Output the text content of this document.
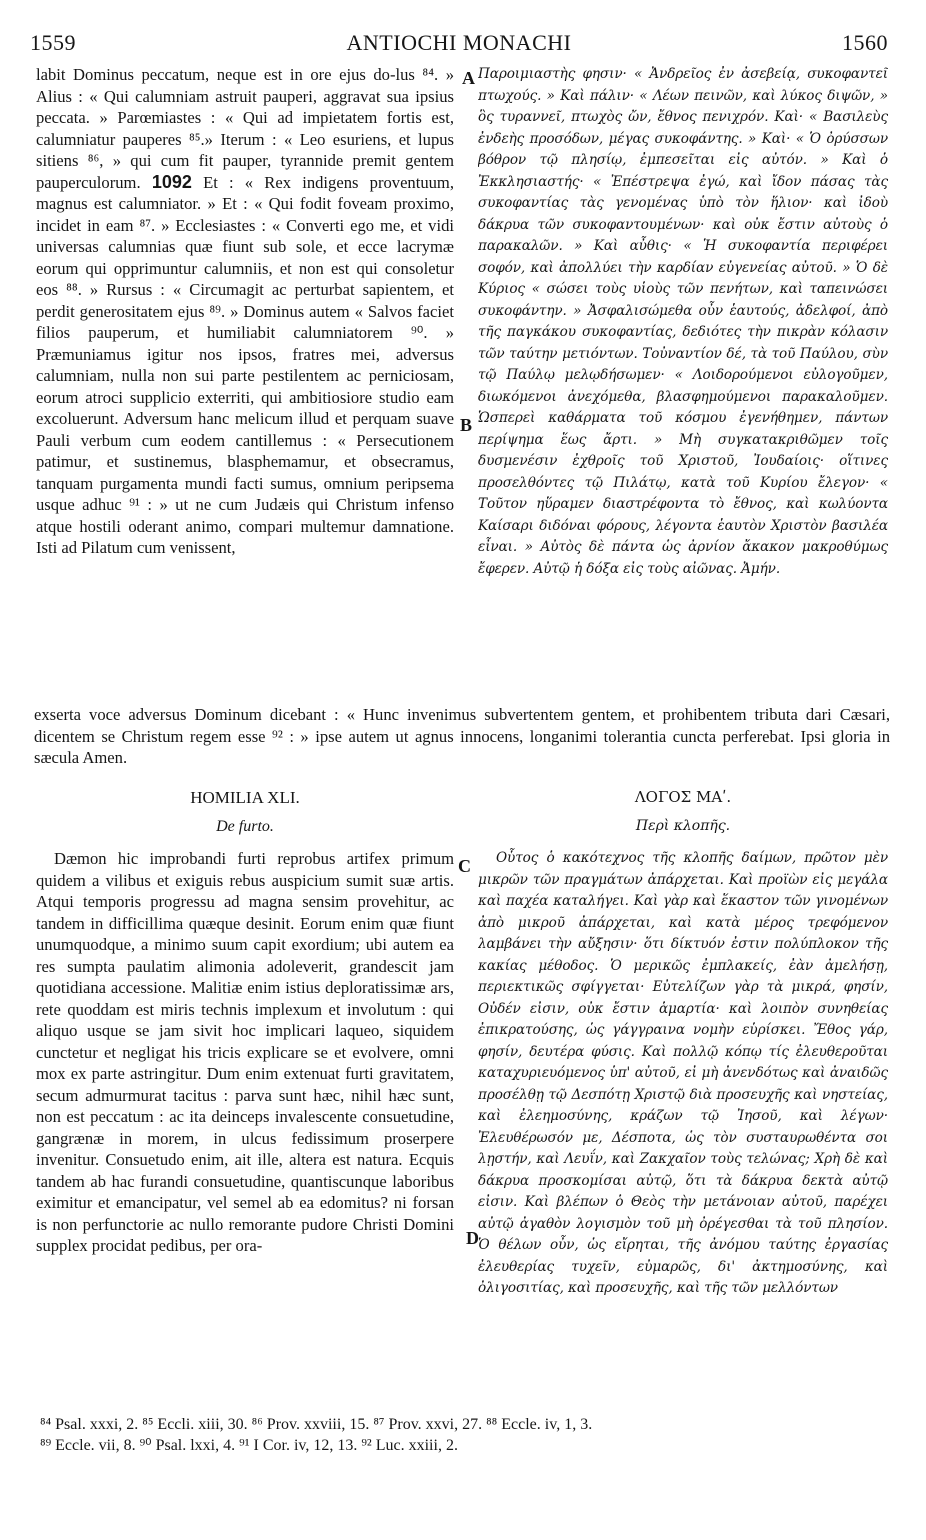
1559	ANTIOCHI MONACHI	1560
A
B
C
D

labit Dominus peccatum, neque est in ore ejus do-lus ⁸⁴. » Alius : « Qui calumniam astruit pauperi, aggravat sua ipsius peccata. » Parœmiastes : « Qui ad impietatem fortis est, calumniatur pauperes ⁸⁵.» Iterum : « Leo esuriens, et lupus sitiens ⁸⁶, » qui cum fit pauper, tyrannide premit gentem pauperculorum. 1092 Et : « Rex indigens proventuum, magnus est calumniator. » Et : « Qui fodit foveam proximo, incidet in eam ⁸⁷. » Ecclesiastes : « Converti ego me, et vidi universas calumnias quæ fiunt sub sole, et ecce lacrymæ eorum qui opprimuntur calumniis, et non est qui consoletur eos ⁸⁸. » Rursus : « Circumagit ac perturbat sapientem, et perdit generositatem ejus ⁸⁹. » Dominus autem « Salvos faciet filios pauperum, et humiliabit calumniatorem ⁹⁰. » Præmuniamus igitur nos ipsos, fratres mei, adversus calumniam, nulla non sui parte pestilentem ac perniciosam, eorum atroci supplicio exterriti, qui ambitiosiore studio eam excoluerunt. Adversum hanc melicum illud et perquam suave Pauli verbum cum eodem cantillemus : « Persecutionem patimur, et sustinemus, blasphemamur, et obsecramus, tanquam purgamenta mundi facti sumus, omnium peripsema usque adhuc ⁹¹ : » ut ne cum Judæis qui Christum infenso atque hostili oderant animo, compari multemur damnatione. Isti ad Pilatum cum venissent,

Παροιμιαστὴς φησιν· « Ἀνδρεῖος ἐν ἀσεβείᾳ, συκοφαντεῖ πτωχούς. » Καὶ πάλιν· « Λέων πεινῶν, καὶ λύκος διψῶν, » ὃς τυραννεῖ, πτωχὸς ὤν, ἔθνος πενιχρόν. Καὶ· « Βασιλεὺς ἐνδεὴς προσόδων, μέγας συκοφάντης. » Καὶ· « Ὁ ὀρύσσων βόθρον τῷ πλησίῳ, ἐμπεσεῖται εἰς αὐτόν. » Καὶ ὁ Ἐκκλησιαστής· « Ἐπέστρεψα ἐγώ, καὶ ἴδον πάσας τὰς συκοφαντίας τὰς γενομένας ὑπὸ τὸν ἥλιον· καὶ ἰδοὺ δάκρυα τῶν συκοφαντουμένων· καὶ οὐκ ἔστιν αὐτοὺς ὁ παρακαλῶν. » Καὶ αὖθις· « Ἡ συκοφαντία περιφέρει σοφόν, καὶ ἀπολλύει τὴν καρδίαν εὐγενείας αὐτοῦ. » Ὁ δὲ Κύριος « σώσει τοὺς υἱοὺς τῶν πενήτων, καὶ ταπεινώσει συκοφάντην. » Ἀσφαλισώμεθα οὖν ἑαυτούς, ἀδελφοί, ἀπὸ τῆς παγκάκου συκοφαντίας, δεδιότες τὴν πικρὰν κόλασιν τῶν ταύτην μετιόντων. Τοὐναντίον δέ, τὰ τοῦ Παύλου, σὺν τῷ Παύλῳ μελῳδήσωμεν· « Λοιδορούμενοι εὐλογοῦμεν, διωκόμενοι ἀνεχόμεθα, βλασφημούμενοι παρακαλοῦμεν. Ὡσπερεὶ καθάρματα τοῦ κόσμου ἐγενήθημεν, πάντων περίψημα ἕως ἄρτι. » Μὴ συγκατακριθῶμεν τοῖς δυσμενέσιν ἐχθροῖς τοῦ Χριστοῦ, Ἰουδαίοις· οἵτινες προσελθόντες τῷ Πιλάτῳ, κατὰ τοῦ Κυρίου ἔλεγον· « Τοῦτον ηὕραμεν διαστρέφοντα τὸ ἔθνος, καὶ κωλύοντα Καίσαρι διδόναι φόρους, λέγοντα ἑαυτὸν Χριστὸν βασιλέα εἶναι. » Αὐτὸς δὲ πάντα ὡς ἀρνίον ἄκακον μακροθύμως ἔφερεν. Αὐτῷ ἡ δόξα εἰς τοὺς αἰῶνας. Ἀμήν.

exserta voce adversus Dominum dicebant : « Hunc invenimus subvertentem gentem, et prohibentem tributa dari Cæsari, dicentem se Christum regem esse ⁹² : » ipse autem ut agnus innocens, longanimi tolerantia cuncta perferebat. Ipsi gloria in sæcula Amen.

HOMILIA XLI.
De furto.
ΛΟΓΟΣ ΜΑʹ.
Περὶ κλοπῆς.

Dæmon hic improbandi furti reprobus artifex primum quidem a vilibus et exiguis rebus auspicium sumit suæ artis. Atqui temporis progressu ad magna sensim provehitur, ac tandem in difficillima quæque desinit. Eorum enim quæ fiunt unumquodque, a minimo suum capit exordium; ubi autem ea res sumpta paulatim alimonia adoleverit, grandescit jam quotidiana accessione. Malitiæ enim istius deploratissimæ ars, rete quoddam est miris technis implexum et involutum : qui aliquo usque se jam sivit hoc implicari laqueo, siquidem cunctetur et negligat his tricis explicare se et evolvere, omni mox ex parte astringitur. Dum enim extenuat furti gravitatem, secum admurmurat tacitus : parva sunt hæc, nihil hæc sunt, non est peccatum : ac ita deinceps invalescente consuetudine, gangrænæ in morem, in ulcus fedissimum proserpere invenitur. Consuetudo enim, ait ille, altera est natura. Ecquis tandem ab hac furandi consuetudine, quantiscunque laboribus eximitur et emancipatur, vel semel ab ea edomitus? ni forsan is non perfunctorie ac nullo remorante pudore Christi Domini supplex procidat pedibus, per ora-

Οὗτος ὁ κακότεχνος τῆς κλοπῆς δαίμων, πρῶτον μὲν μικρῶν τῶν πραγμάτων ἀπάρχεται. Καὶ προϊὼν εἰς μεγάλα καὶ παχέα καταλήγει. Καὶ γὰρ καὶ ἕκαστον τῶν γινομένων ἀπὸ μικροῦ ἀπάρχεται, καὶ κατὰ μέρος τρεφόμενον λαμβάνει τὴν αὔξησιν· ὅτι δίκτυόν ἐστιν πολύπλοκον τῆς κακίας μέθοδος. Ὁ μερικῶς ἐμπλακείς, ἐὰν ἀμελήσῃ, περιεκτικῶς σφίγγεται· Εὐτελίζων γὰρ τὰ μικρά, φησίν, Οὐδέν εἰσιν, οὐκ ἔστιν ἁμαρτία· καὶ λοιπὸν συνηθείας ἐπικρατούσης, ὡς γάγγραινα νομὴν εὑρίσκει. Ἔθος γάρ, φησίν, δευτέρα φύσις. Καὶ πολλῷ κόπῳ τίς ἐλευθεροῦται καταχυριευόμενος ὑπ' αὐτοῦ, εἰ μὴ ἀνενδότως καὶ ἀναιδῶς προσέλθῃ τῷ Δεσπότῃ Χριστῷ διὰ προσευχῆς καὶ νηστείας, καὶ ἐλεημοσύνης, κράζων τῷ Ἰησοῦ, καὶ λέγων· Ἐλευθέρωσόν με, Δέσποτα, ὡς τὸν συσταυρωθέντα σοι λῃστήν, καὶ Λευΐν, καὶ Ζακχαῖον τοὺς τελώνας; Χρὴ δὲ καὶ δάκρυα προσκομίσαι αὐτῷ, ὅτι τὰ δάκρυα δεκτὰ αὐτῷ εἰσιν. Καὶ βλέπων ὁ Θεὸς τὴν μετάνοιαν αὐτοῦ, παρέχει αὐτῷ ἀγαθὸν λογισμὸν τοῦ μὴ ὀρέγεσθαι τὰ τοῦ πλησίον. Ὁ θέλων οὖν, ὡς εἴρηται, τῆς ἀνόμου ταύτης ἐργασίας ἐλευθερίας τυχεῖν, εὐμαρῶς, δι' ἀκτημοσύνης, καὶ ὀλιγοσιτίας, καὶ προσευχῆς, καὶ τῆς τῶν μελλόντων

⁸⁴ Psal. xxxi, 2. ⁸⁵ Eccli. xiii, 30. ⁸⁶ Prov. xxviii, 15. ⁸⁷ Prov. xxvi, 27. ⁸⁸ Eccle. iv, 1, 3.

⁸⁹ Eccle. vii, 8. ⁹⁰ Psal. lxxi, 4. ⁹¹ I Cor. iv, 12, 13. ⁹² Luc. xxiii, 2.
